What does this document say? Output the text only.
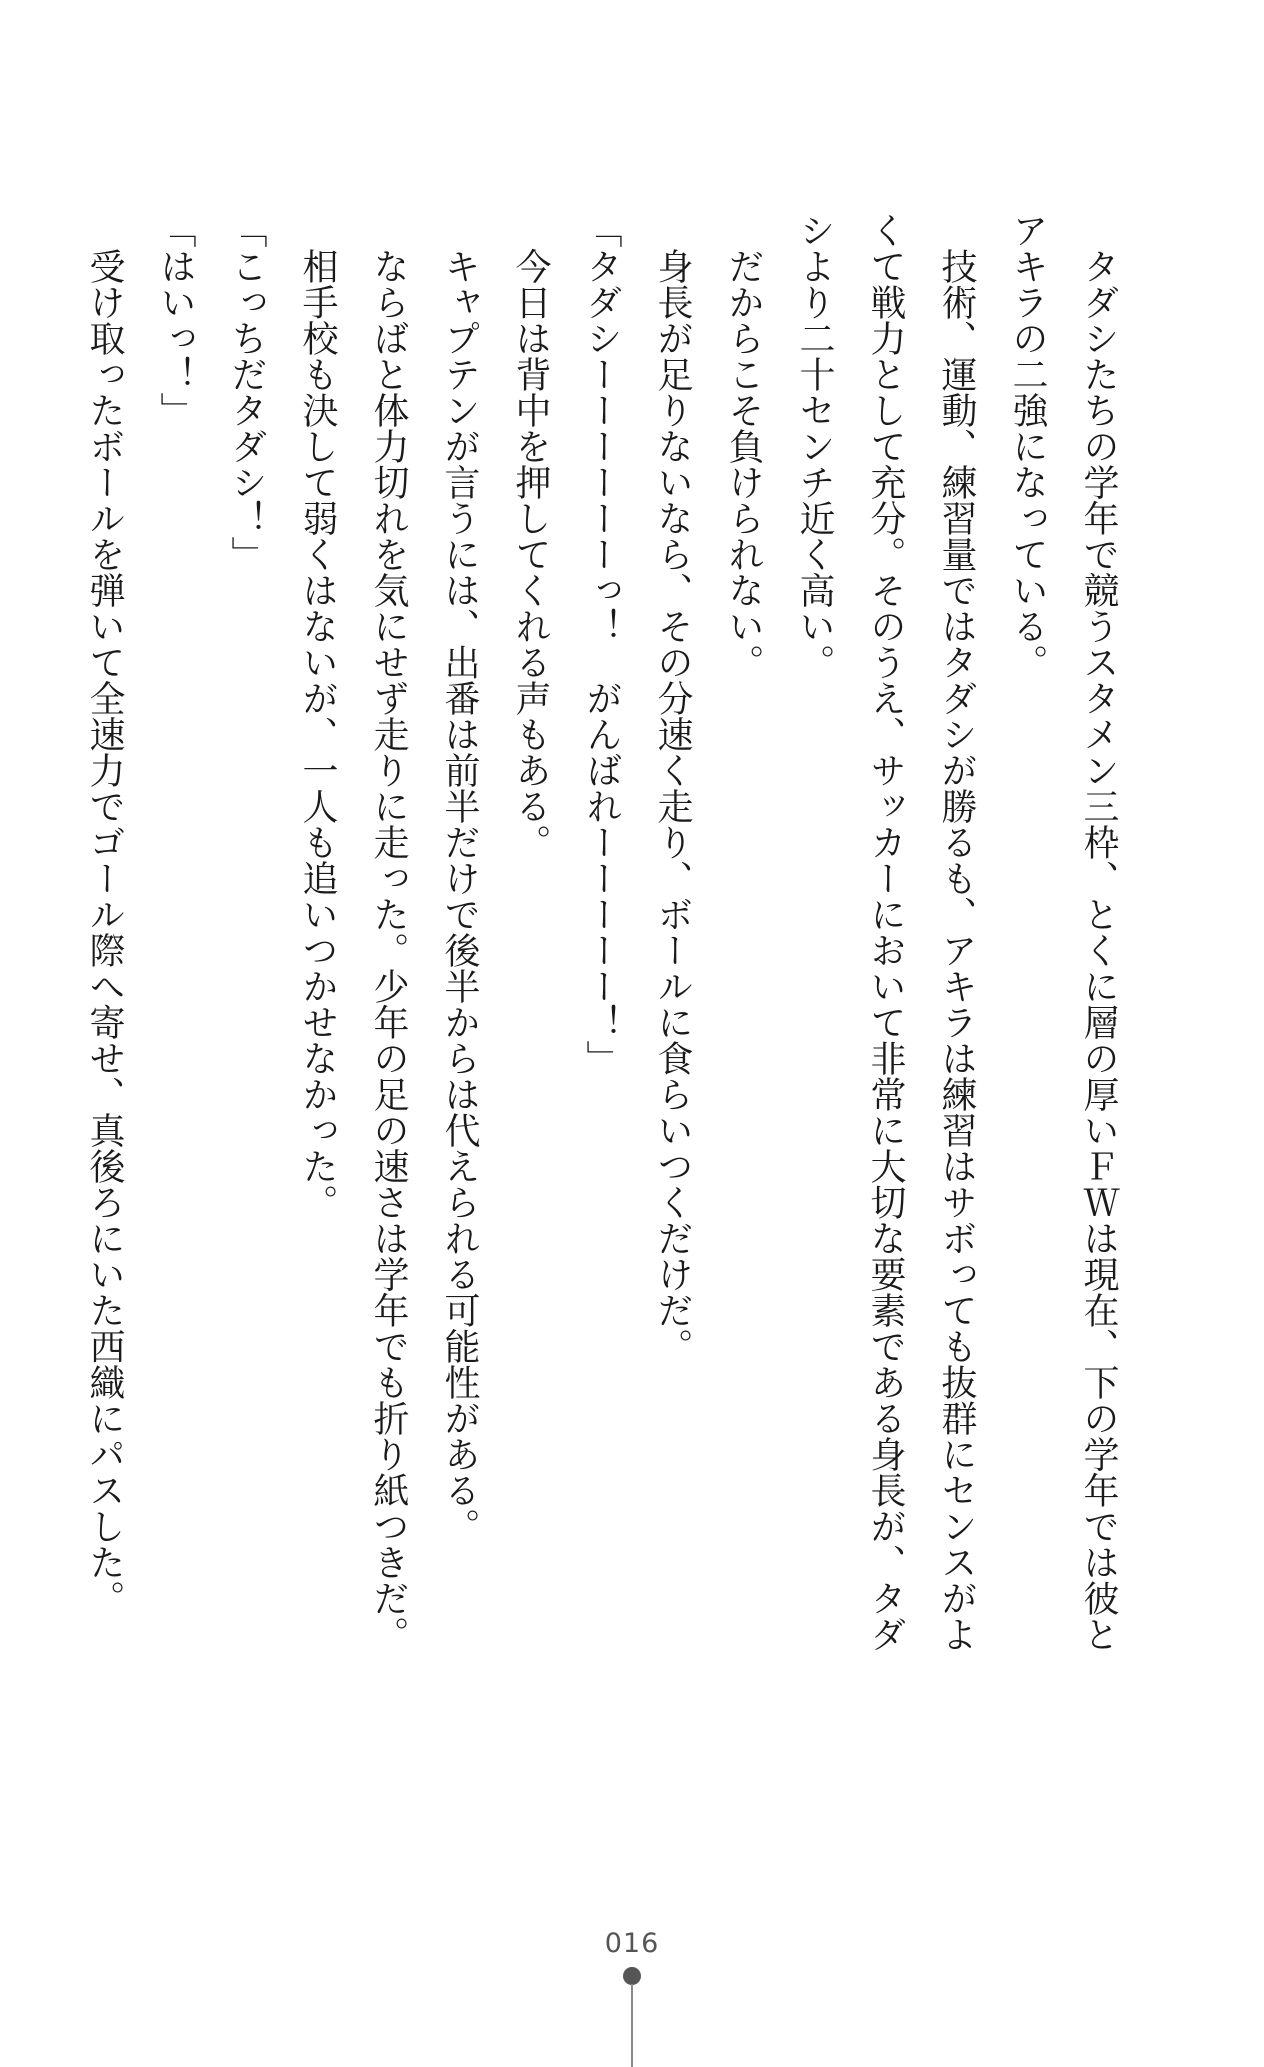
　タダシたちの学年で競うスタメン三枠、とくに層の厚いＦＷは現在、下の学年では彼と
アキラの二強になっている。
　技術、運動、練習量ではタダシが勝るも、アキラは練習はサボっても抜群にセンスがよ
くて戦力として充分。そのうえ、サッカーにおいて非常に大切な要素である身長が、タダ
シより二十センチ近く高い。
　だからこそ負けられない。
　身長が足りないなら、その分速く走り、ボールに食らいつくだけだ。
「タダシーーーーーーっ！　がんばれーーーーー！」
　今日は背中を押してくれる声もある。
　キャプテンが言うには、出番は前半だけで後半からは代えられる可能性がある。
　ならばと体力切れを気にせず走りに走った。少年の足の速さは学年でも折り紙つきだ。
　相手校も決して弱くはないが、一人も追いつかせなかった。
「こっちだタダシ！」
「はいっ！」
　受け取ったボールを弾いて全速力でゴール際へ寄せ、真後ろにいた西織にパスした。
016
